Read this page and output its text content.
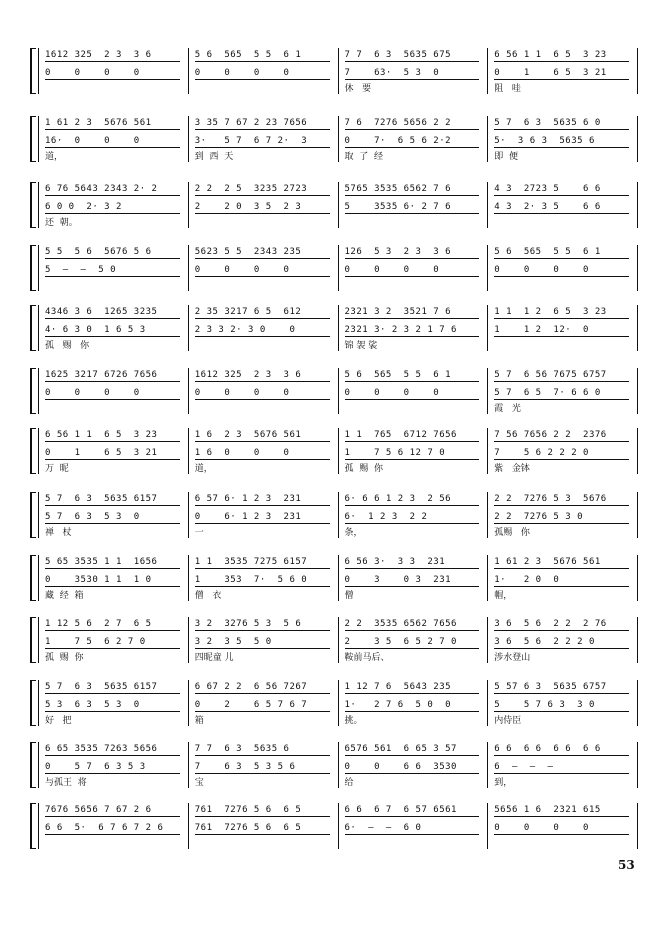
1612 325  2 3  3 6
0    0    0    0
5 6  565  5 5  6 1
0    0    0    0
7 7  6 3  5635 675
7    63·  5 3  0
休   要
6 56 1 1  6 5  3 23
0    1    6 5  3 21
阻   哇
1 61 2 3  5676 561
16·  0    0    0
道，
3 35 7 67 2 23 7656
3·   5 7  6 7 2·  3
到  西  天
7 6  7276 5656 2 2
0    7·  6 5 6 2·2
取  了  经
5 7  6 3  5635 6 0
5·  3 6 3  5635 6
即  便
6 76 5643 2343 2· 2
6 0 0  2· 3 2
还  朝。
2 2  2 5  3235 2723
2    2 0  3 5  2 3
5765 3535 6562 7 6
5    3535 6· 2 7 6
4 3  2723 5    6 6
4 3  2· 3 5    6 6
5 5  5 6  5676 5 6
5  —  —  5 0
5623 5 5  2343 235
0    0    0    0
126  5 3  2 3  3 6
0    0    0    0
5 6  565  5 5  6 1
0    0    0    0
4346 3 6  1265 3235
4· 6 3 0  1 6 5 3
孤   赐   你
2 35 3217 6 5  612
2 3 3 2· 3 0    0
2321 3 2  3521 7 6
2321 3· 2 3 2 1 7 6
锦 袈 裟
1 1  1 2  6 5  3 23
1    1 2  12·  0
1625 3217 6726 7656
0    0    0    0
1612 325  2 3  3 6
0    0    0    0
5 6  565  5 5  6 1
0    0    0    0
5 7  6 56 7675 6757
5 7  6 5  7· 6 6 0
霞   光
6 56 1 1  6 5  3 23
0    1    6 5  3 21
万  昵
1 6  2 3  5676 561
1 6  0    0    0
道，
1 1  765  6712 7656
1    7 5 6 12 7 0
孤  赐  你
7 56 7656 2 2  2376
7    5 6 2 2 2 0
紫   金钵
5 7  6 3  5635 6157
5 7  6 3  5 3  0
禅   杖
6 57 6· 1 2 3  231
0    6· 1 2 3  231
一
6· 6 6 1 2 3  2 56
6·  1 2 3  2 2
条，
2 2  7276 5 3  5676
2 2  7276 5 3 0
孤赐   你
5 65 3535 1 1  1656
0    3530 1 1  1 0
藏  经  箱
1 1  3535 7275 6157
1    353  7·  5 6 0
僧   衣
6 56 3·  3 3  231
0    3    0 3  231
僧
1 61 2 3  5676 561
1·   2 0  0
帽，
1 12 5 6  2 7  6 5
1    7 5  6 2 7 0
孤  赐  你
3 2  3276 5 3  5 6
3 2  3 5  5 0
四昵童 儿
2 2  3535 6562 7656
2    3 5  6 5 2 7 0
鞍前马后、
3 6  5 6  2 2  2 76
3 6  5 6  2 2 2 0
涉水登山
5 7  6 3  5635 6157
5 3  6 3  5 3  0
好   把
6 67 2 2  6 56 7267
0    2    6 5 7 6 7
箱
1 12 7 6  5643 235
1·   2 7 6  5 0  0
挑。
5 57 6 3  5635 6757
5    5 7 6 3  3 0
内侍臣
6 65 3535 7263 5656
0    5 7  6 3 5 3
与孤王  将
7 7  6 3  5635 6
7    6 3  5 3 5 6
宝
6576 561  6 65 3 57
0    0    6 6  3530
给
6 6  6 6  6 6  6 6
6  —  —  —
到，
7676 5656 7 67 2 6
6 6  5·  6 7 6 7 2 6
761  7276 5 6  6 5
761  7276 5 6  6 5
6 6  6 7  6 57 6561
6·  —  —  6 0
5656 1 6  2321 615
0    0    0    0
53
